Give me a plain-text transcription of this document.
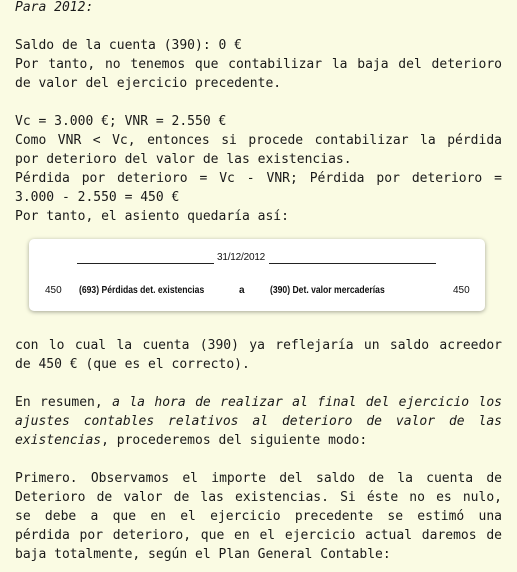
Para 2012:
Saldo de la cuenta (390): 0 €
Por tanto, no tenemos que contabilizar la baja del deterioro
de valor del ejercicio precedente.
Vc = 3.000 €; VNR = 2.550 €
Como VNR < Vc, entonces si procede contabilizar la pérdida
por deterioro del valor de las existencias.
Pérdida por deterioro = Vc - VNR; Pérdida por deterioro =
3.000 - 2.550 = 450 €
Por tanto, el asiento quedaría así:
31/12/2012
450 (693) Pérdidas det. existencias	a	(390) Det. valor mercaderías	450
con lo cual la cuenta (390) ya reflejaría un saldo acreedor
de 450 € (que es el correcto).
En resumen, a la hora de realizar al final del ejercicio los
ajustes contables relativos al deterioro de valor de las
existencias, procederemos del siguiente modo:
Primero. Observamos el importe del saldo de la cuenta de
Deterioro de valor de las existencias. Si éste no es nulo,
se debe a que en el ejercicio precedente se estimó una
pérdida por deterioro, que en el ejercicio actual daremos de
baja totalmente, según el Plan General Contable:
